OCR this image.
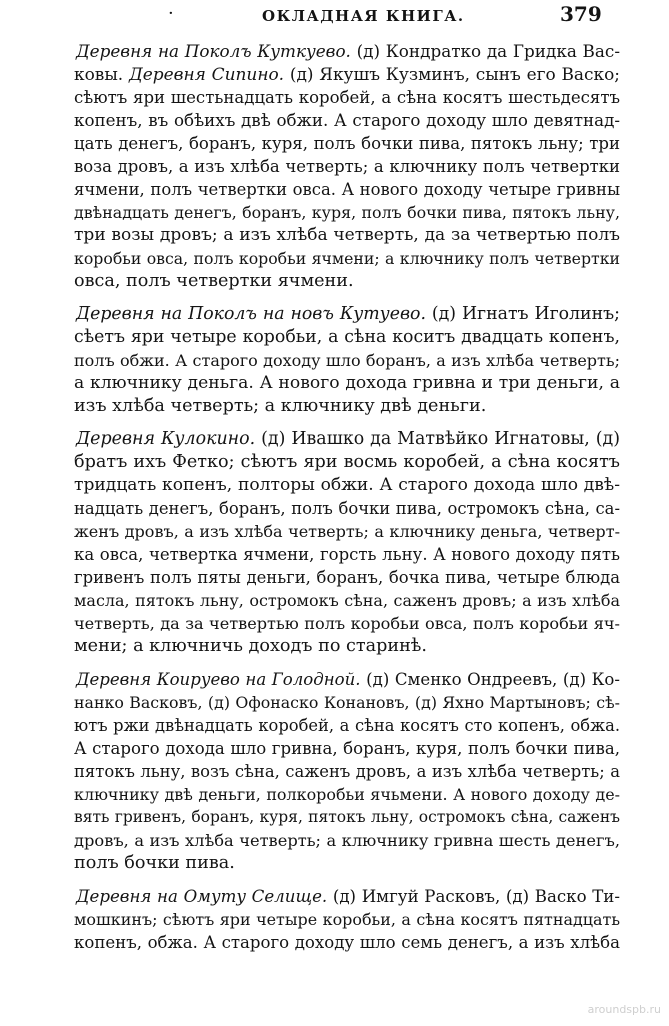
·	ОКЛАДНАЯ КНИГА.	379
Деревня на Поколъ Куткуево. (д) Кондратко да Гридка Вас-
ковы. Деревня Сипино. (д) Якушъ Кузминъ, сынъ его Васко;
сѣютъ яри шестьнадцать коробей, а сѣна косятъ шестьдесятъ
копенъ, въ обѣихъ двѣ обжи. А старого доходу шло девятнад-
цать денегъ, боранъ, куря, полъ бочки пива, пятокъ льну; три
воза дровъ, а изъ хлѣба четверть; а ключнику полъ четвертки
ячмени, полъ четвертки овса. А нового доходу четыре гривны
двѣнадцать денегъ, боранъ, куря, полъ бочки пива, пятокъ льну,
три возы дровъ; а изъ хлѣба четверть, да за четвертью полъ
коробьи овса, полъ коробьи ячмени; а ключнику полъ четвертки
овса, полъ четвертки ячмени.
Деревня на Поколъ на новъ Кутуево. (д) Игнатъ Иголинъ;
сѣетъ яри четыре коробьи, а сѣна коситъ двадцать копенъ,
полъ обжи. А старого доходу шло боранъ, а изъ хлѣба четверть;
а ключнику деньга. А нового дохода гривна и три деньги, а
изъ хлѣба четверть; а ключнику двѣ деньги.
Деревня Кулокино. (д) Ивашко да Матвѣйко Игнатовы, (д)
братъ ихъ Фетко; сѣютъ яри восмь коробей, а сѣна косятъ
тридцать копенъ, полторы обжи. А старого дохода шло двѣ-
надцать денегъ, боранъ, полъ бочки пива, остромокъ сѣна, са-
женъ дровъ, а изъ хлѣба четверть; а ключнику деньга, четверт-
ка овса, четвертка ячмени, горсть льну. А нового доходу пять
гривенъ полъ пяты деньги, боранъ, бочка пива, четыре блюда
масла, пятокъ льну, остромокъ сѣна, саженъ дровъ; а изъ хлѣба
четверть, да за четвертью полъ коробьи овса, полъ коробьи яч-
мени; а ключничь доходъ по старинѣ.
Деревня Коируево на Голодной. (д) Сменко Ондреевъ, (д) Ко-
нанко Васковъ, (д) Офонаско Конановъ, (д) Яхно Мартыновъ; сѣ-
ютъ ржи двѣнадцать коробей, а сѣна косятъ сто копенъ, обжа.
А старого дохода шло гривна, боранъ, куря, полъ бочки пива,
пятокъ льну, возъ сѣна, саженъ дровъ, а изъ хлѣба четверть; а
ключнику двѣ деньги, полкоробьи ячьмени. А нового доходу де-
вять гривенъ, боранъ, куря, пятокъ льну, остромокъ сѣна, саженъ
дровъ, а изъ хлѣба четверть; а ключнику гривна шесть денегъ,
полъ бочки пива.
Деревня на Омуту Селище. (д) Имгуй Расковъ, (д) Васко Ти-
мошкинъ; сѣютъ яри четыре коробьи, а сѣна косятъ пятнадцать
копенъ, обжа. А старого доходу шло семь денегъ, а изъ хлѣба
aroundspb.ru
